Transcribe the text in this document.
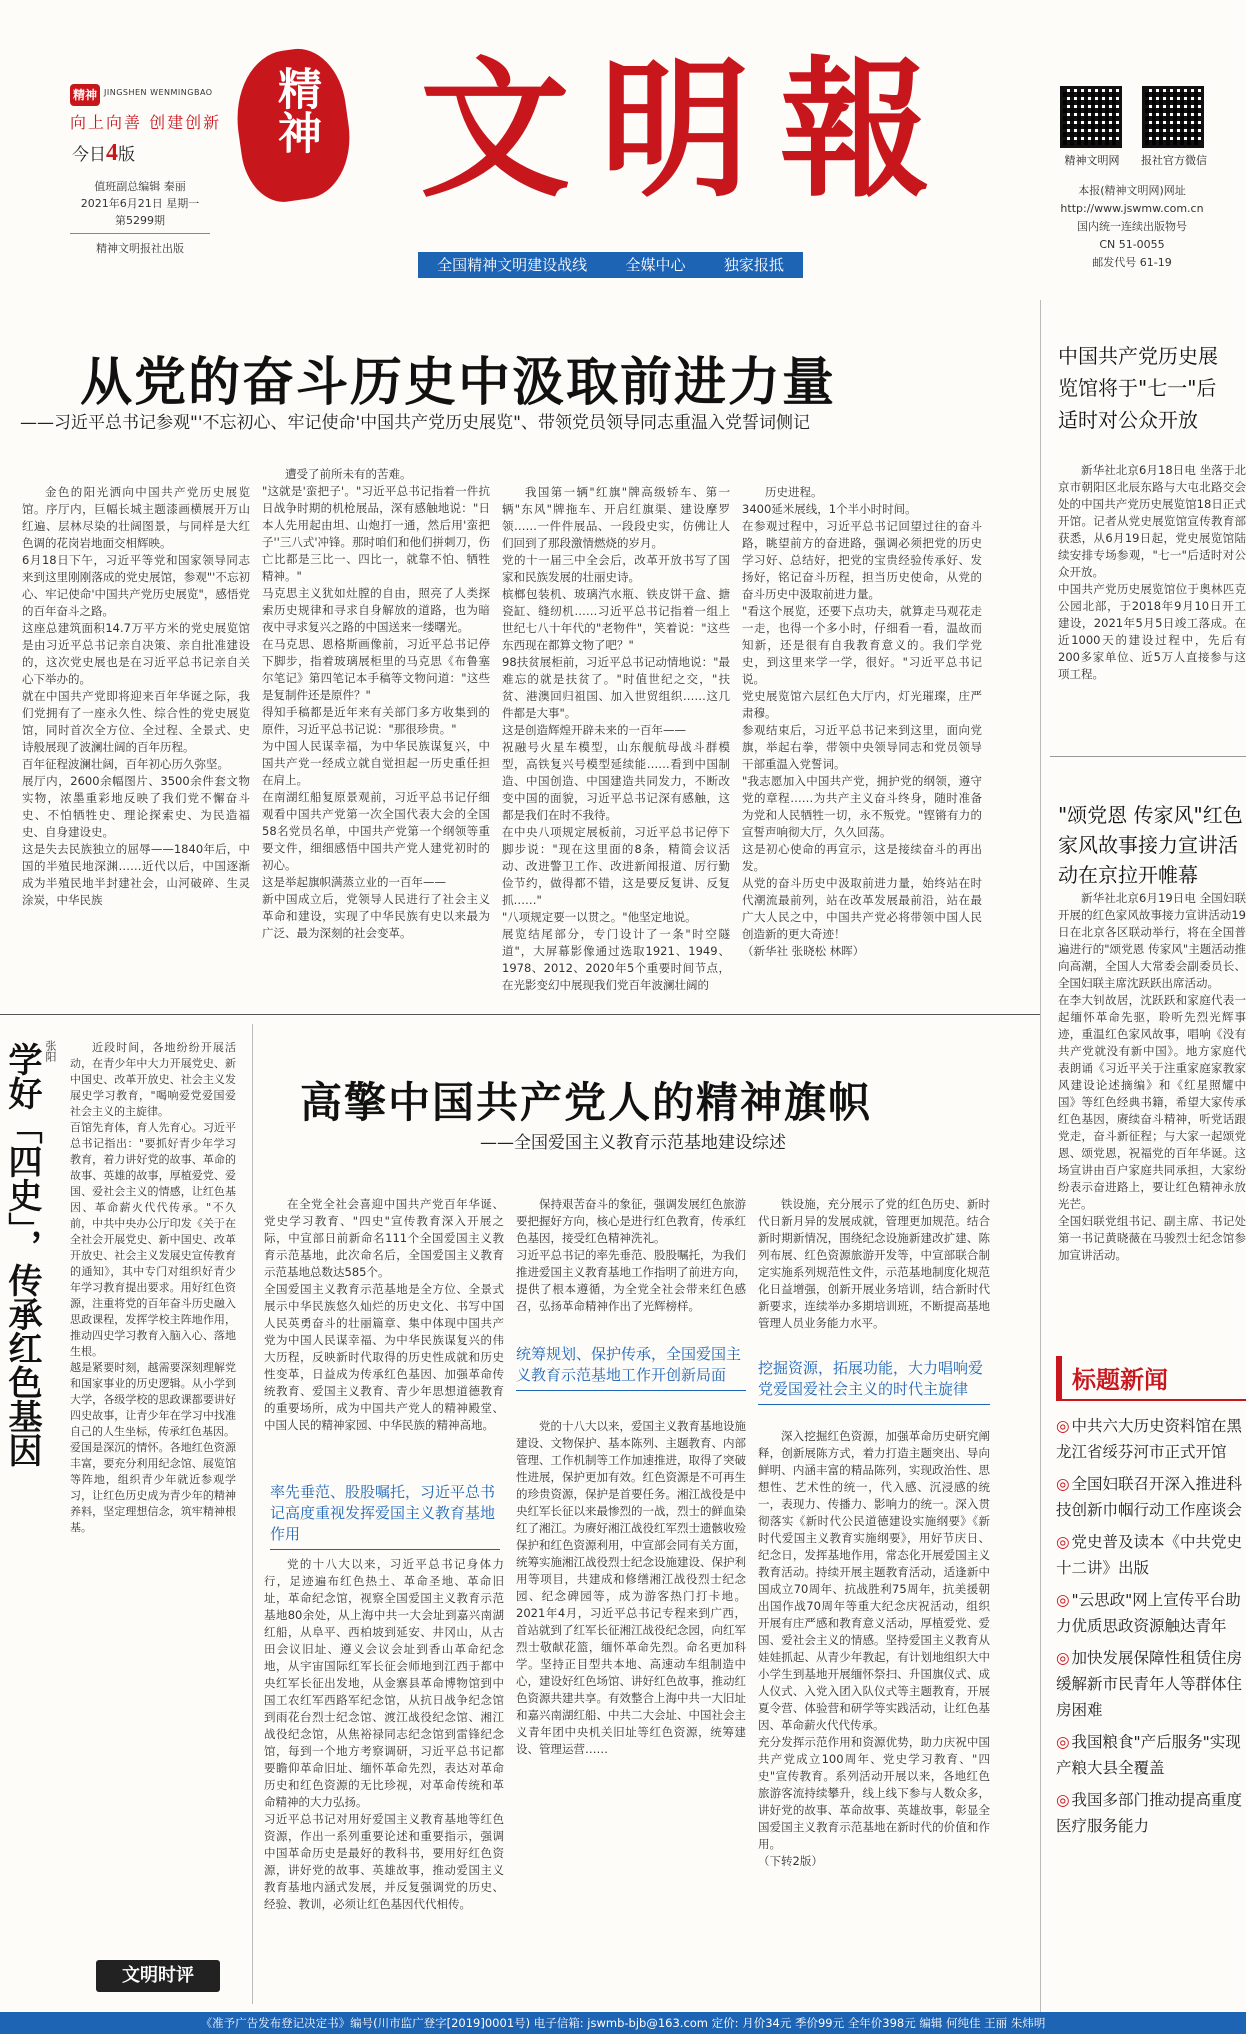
精神 JINGSHEN WENMINGBAO
向上向善 创建创新
今日4版
值班副总编辑 秦丽
2021年6月21日 星期一
第5299期
精神文明报社出版
精神 文明報
全国精神文明建设战线	全媒中心	独家报抵
精神文明网	报社官方微信
本报(精神文明网)网址
http://www.jswmw.com.cn
国内统一连续出版物号
CN 51-0055
邮发代号 61-19
从党的奋斗历史中汲取前进力量
——习近平总书记参观"'不忘初心、牢记使命'中国共产党历史展览"、带领党员领导同志重温入党誓词侧记
金色的阳光洒向中国共产党历史展览馆。序厅内，巨幅长城主题漆画横展开万山红遍、层林尽染的壮阔图景，与同样是大红色调的花岗岩地面交相辉映。
6月18日下午，习近平等党和国家领导同志来到这里刚刚落成的党史展馆，参观"'不忘初心、牢记使命'中国共产党历史展览"，感悟党的百年奋斗之路。
这座总建筑面积14.7万平方米的党史展览馆是由习近平总书记亲自决策、亲自批准建设的，这次党史展也是在习近平总书记亲自关心下举办的。
就在中国共产党即将迎来百年华诞之际，我们党拥有了一座永久性、综合性的党史展览馆，同时首次全方位、全过程、全景式、史诗般展现了波澜壮阔的百年历程。
百年征程波澜壮阔，百年初心历久弥坚。
展厅内，2600余幅图片、3500余件套文物实物，浓墨重彩地反映了我们党不懈奋斗史、不怕牺牲史、理论探索史、为民造福史、自身建设史。
这是失去民族独立的屈辱——1840年后，中国的半殖民地深渊……近代以后，中国逐渐成为半殖民地半封建社会，山河破碎、生灵涂炭，中华民族
遭受了前所未有的苦难。
"这就是'蛮把子'。"习近平总书记指着一件抗日战争时期的机枪展品，深有感触地说："日本人先用起由坦、山炮打一通，然后用'蛮把子''三八式'冲锋。那时咱们和他们拼刺刀，伤亡比都是三比一、四比一，就靠不怕、牺牲精神。"
马克思主义犹如灶膛的自由，照亮了人类探索历史规律和寻求自身解放的道路，也为暗夜中寻求复兴之路的中国送来一缕曙光。
在马克思、恩格斯画像前，习近平总书记停下脚步，指着玻璃展柜里的马克思《布鲁塞尔笔记》第四笔记本手稿等文物问道："这些是复制件还是原件？"
得知手稿都是近年来有关部门多方收集到的原件，习近平总书记说："那很珍贵。"
为中国人民谋幸福，为中华民族谋复兴，中国共产党一经成立就自觉担起一历史重任担在肩上。
在南湖红船复原景观前，习近平总书记仔细观看中国共产党第一次全国代表大会的全国58名党员名单，中国共产党第一个纲领等重要文件，细细感悟中国共产党人建党初时的初心。
这是举起旗帜满蒸立业的一百年——
新中国成立后，党领导人民进行了社会主义革命和建设，实现了中华民族有史以来最为广泛、最为深刻的社会变革。
我国第一辆"红旗"牌高级轿车、第一辆"东风"牌拖车、开启红旗渠、建设摩罗领……一件件展品、一段段史实，仿佛让人们回到了那段激情燃烧的岁月。
党的十一届三中全会后，改革开放书写了国家和民族发展的壮丽史诗。
槟榔包装机、玻璃汽水瓶、铁皮饼干盒、搪瓷缸、缝纫机……习近平总书记指着一组上世纪七八十年代的"老物件"，笑着说："这些东西现在都算文物了吧？"
98扶贫展柜前，习近平总书记动情地说："最难忘的就是扶贫了。"时值世纪之交，"扶贫、港澳回归祖国、加入世贸组织……这几件都是大事"。
这是创造辉煌开辟未来的一百年——
祝融号火星车模型，山东舰航母战斗群模型，高铁复兴号模型延续能……看到中国制造、中国创造、中国建造共同发力，不断改变中国的面貌，习近平总书记深有感触，这都是我们在时不我待。
在中央八项规定展板前，习近平总书记停下脚步说："现在这里面的8条，精简会议活动、改进警卫工作、改进新闻报道、厉行勤俭节约，做得都不错，这是要反复讲、反复抓……"
"八项规定要一以贯之。"他坚定地说。
展览结尾部分，专门设计了一条"时空隧道"，大屏幕影像通过选取1921、1949、1978、2012、2020年5个重要时间节点，在光影变幻中展现我们党百年波澜壮阔的
历史进程。
3400延米展线，1个半小时时间。
在参观过程中，习近平总书记回望过往的奋斗路，眺望前方的奋进路，强调必须把党的历史学习好、总结好，把党的宝贵经验传承好、发扬好，铭记奋斗历程，担当历史使命，从党的奋斗历史中汲取前进力量。
"看这个展览，还要下点功夫，就算走马观花走一走，也得一个多小时，仔细看一看，温故而知新，还是很有自我教育意义的。我们学党史，到这里来学一学，很好。"习近平总书记说。
党史展览馆六层红色大厅内，灯光璀璨，庄严肃穆。
参观结束后，习近平总书记来到这里，面向党旗，举起右拳，带领中央领导同志和党员领导干部重温入党誓词。
"我志愿加入中国共产党，拥护党的纲领，遵守党的章程……为共产主义奋斗终身，随时准备为党和人民牺牲一切，永不叛党。"铿锵有力的宣誓声响彻大厅，久久回荡。
这是初心使命的再宣示，这是接续奋斗的再出发。
从党的奋斗历史中汲取前进力量，始终站在时代潮流最前列，站在改革发展最前沿，站在最广大人民之中，中国共产党必将带领中国人民创造新的更大奇迹！
（新华社 张晓松 林晖）
中国共产党历史展览馆将于"七一"后适时对公众开放
新华社北京6月18日电 坐落于北京市朝阳区北辰东路与大屯北路交会处的中国共产党历史展览馆18日正式开馆。记者从党史展览馆宣传教育部获悉，从6月19日起，党史展览馆陆续安排专场参观，"七一"后适时对公众开放。
中国共产党历史展览馆位于奥林匹克公园北部，于2018年9月10日开工建设，2021年5月5日竣工落成。在近1000天的建设过程中，先后有200多家单位、近5万人直接参与这项工程。
"颂党恩 传家风"红色家风故事接力宣讲活动在京拉开帷幕
新华社北京6月19日电 全国妇联开展的红色家风故事接力宣讲活动19日在北京各区联动举行，将在全国普遍进行的"颂党恩 传家风"主题活动推向高潮，全国人大常委会副委员长、全国妇联主席沈跃跃出席活动。
在李大钊故居，沈跃跃和家庭代表一起缅怀革命先驱，聆听先烈光辉事迹，重温红色家风故事，唱响《没有共产党就没有新中国》。地方家庭代表朗诵《习近平关于注重家庭家教家风建设论述摘编》和《红星照耀中国》等红色经典书籍，希望大家传承红色基因，赓续奋斗精神，听党话跟党走，奋斗新征程；与大家一起颂党恩、颂党恩，祝福党的百年华诞。这场宣讲由百户家庭共同承担，大家纷纷表示奋进路上，要让红色精神永放光芒。
全国妇联党组书记、副主席、书记处第一书记黄晓薇在马骏烈士纪念馆参加宣讲活动。
张阳
学好「四史」，传承红色基因	近段时间，各地纷纷开展活动，在青少年中大力开展党史、新中国史、改革开放史、社会主义发展史学习教育，"喝响爱党爱国爱社会主义的主旋律。
百馆先育体，育人先育心。习近平总书记指出："要抓好青少年学习教育，着力讲好党的故事、革命的故事、英雄的故事，厚植爱党、爱国、爱社会主义的情感，让红色基因、革命薪火代代传承。"不久前，中共中央办公厅印发《关于在全社会开展党史、新中国史、改革开放史、社会主义发展史宣传教育的通知》，其中专门对组织好青少年学习教育提出要求。用好红色资源，注重将党的百年奋斗历史融入思政课程，发挥学校主阵地作用，推动四史学习教育入脑入心、落地生根。
越是紧要时刻，越需要深刻理解党和国家事业的历史逻辑。从小学到大学，各级学校的思政课都要讲好四史故事，让青少年在学习中找准自己的人生坐标，传承红色基因。
爱国是深沉的情怀。各地红色资源丰富，要充分利用纪念馆、展览馆等阵地，组织青少年就近参观学习，让红色历史成为青少年的精神养料，坚定理想信念，筑牢精神根基。
文明时评
高擎中国共产党人的精神旗帜
——全国爱国主义教育示范基地建设综述
在全党全社会喜迎中国共产党百年华诞、党史学习教育、"四史"宣传教育深入开展之际，中宣部日前新命名111个全国爱国主义教育示范基地，此次命名后，全国爱国主义教育示范基地总数达585个。
全国爱国主义教育示范基地是全方位、全景式展示中华民族悠久灿烂的历史文化、书写中国人民英勇奋斗的壮丽篇章、集中体现中国共产党为中国人民谋幸福、为中华民族谋复兴的伟大历程，反映新时代取得的历史性成就和历史性变革，日益成为传承红色基因、加强革命传统教育、爱国主义教育、青少年思想道德教育的重要场所，成为中国共产党人的精神殿堂、中国人民的精神家园、中华民族的精神高地。
率先垂范、股股嘱托，习近平总书记高度重视发挥爱国主义教育基地作用
党的十八大以来，习近平总书记身体力行，足迹遍布红色热土、革命圣地、革命旧址，革命纪念馆，视察全国爱国主义教育示范基地80余处，从上海中共一大会址到嘉兴南湖红船，从阜平、西柏坡到延安、井冈山，从古田会议旧址、遵义会议会址到香山革命纪念地，从宇宙国际红军长征会师地到江西于都中央红军长征出发地，从金寨县革命博物馆到中国工农红军西路军纪念馆，从抗日战争纪念馆到雨花台烈士纪念馆、渡江战役纪念馆、湘江战役纪念馆，从焦裕禄同志纪念馆到雷锋纪念馆，每到一个地方考察调研，习近平总书记都要瞻仰革命旧址、缅怀革命先烈，表达对革命历史和红色资源的无比珍视，对革命传统和革命精神的大力弘扬。
习近平总书记对用好爱国主义教育基地等红色资源，作出一系列重要论述和重要指示，强调中国革命历史是最好的教科书，要用好红色资源，讲好党的故事、英雄故事，推动爱国主义教育基地内涵式发展，并反复强调党的历史、经验、教训，必须让红色基因代代相传。
保持艰苦奋斗的象征，强调发展红色旅游要把握好方向，核心是进行红色教育，传承红色基因，接受红色精神洗礼。
习近平总书记的率先垂范、股股嘱托，为我们推进爱国主义教育基地工作指明了前进方向，提供了根本遵循，为全党全社会带来红色感召，弘扬革命精神作出了光辉榜样。
统筹规划、保护传承，全国爱国主义教育示范基地工作开创新局面
党的十八大以来，爱国主义教育基地设施建设、文物保护、基本陈列、主题教育、内部管理、工作机制等工作加速推进，取得了突破性进展，保护更加有效。红色资源是不可再生的珍贵资源，保护是首要任务。湘江战役是中央红军长征以来最惨烈的一战，烈士的鲜血染红了湘江。为赓好湘江战役红军烈士遗骸收殓保护和红色资源利用，中宣部会同有关方面，统筹实施湘江战役烈士纪念设施建设、保护利用等项目，共建成和修缮湘江战役烈士纪念园、纪念碑园等，成为游客热门打卡地。2021年4月，习近平总书记专程来到广西，首站就到了红军长征湘江战役纪念园，向红军烈士敬献花篮，缅怀革命先烈。命名更加科学。坚持正目型共本地、高速动车组制造中心，建设好红色场馆、讲好红色故事，推动红色资源共建共享。有效整合上海中共一大旧址和嘉兴南湖红船、中共二大会址、中国社会主义青年团中央机关旧址等红色资源，统筹建设、管理运营……
铁设施，充分展示了党的红色历史、新时代日新月异的发展成就，管理更加规范。结合新时期新情况，围绕纪念设施新建改扩建、陈列布展、红色资源旅游开发等，中宣部联合制定实施系列规范性文件，示范基地制度化规范化日益增强，创新开展业务培训，结合新时代新要求，连续举办多期培训班，不断提高基地管理人员业务能力水平。
挖掘资源，拓展功能，大力唱响爱党爱国爱社会主义的时代主旋律
深入挖掘红色资源，加强革命历史研究阐释，创新展陈方式，着力打造主题突出、导向鲜明、内涵丰富的精品陈列，实现政治性、思想性、艺术性的统一，代入感、沉浸感的统一，表现力、传播力、影响力的统一。深入贯彻落实《新时代公民道德建设实施纲要》《新时代爱国主义教育实施纲要》，用好节庆日、纪念日，发挥基地作用，常态化开展爱国主义教育活动。持续开展主题教育活动，适逢新中国成立70周年、抗战胜利75周年，抗美援朝出国作战70周年等重大纪念庆祝活动，组织开展有庄严感和教育意义活动，厚植爱党、爱国、爱社会主义的情感。坚持爱国主义教育从娃娃抓起、从青少年教起，有计划地组织大中小学生到基地开展缅怀祭扫、升国旗仪式、成人仪式、入党入团入队仪式等主题教育，开展夏令营、体验营和研学等实践活动，让红色基因、革命薪火代代传承。
充分发挥示范作用和资源优势，助力庆祝中国共产党成立100周年、党史学习教育、"四史"宣传教育。系列活动开展以来，各地红色旅游客流持续攀升，线上线下参与人数众多，讲好党的故事、革命故事、英雄故事，彰显全国爱国主义教育示范基地在新时代的价值和作用。
（下转2版）
标题新闻
◎ 中共六大历史资料馆在黑龙江省绥芬河市正式开馆
◎ 全国妇联召开深入推进科技创新巾帼行动工作座谈会
◎ 党史普及读本《中共党史十二讲》出版
◎ "云思政"网上宣传平台助力优质思政资源触达青年
◎ 加快发展保障性租赁住房 缓解新市民青年人等群体住房困难
◎ 我国粮食"产后服务"实现产粮大县全覆盖
◎ 我国多部门推动提高重度医疗服务能力
《准予广告发布登记决定书》编号(川市监广登字[2019]0001号) 电子信箱: jswmb-bjb@163.com 定价: 月价34元 季价99元 全年价398元 编辑 何纯佳 王丽 朱炜明
